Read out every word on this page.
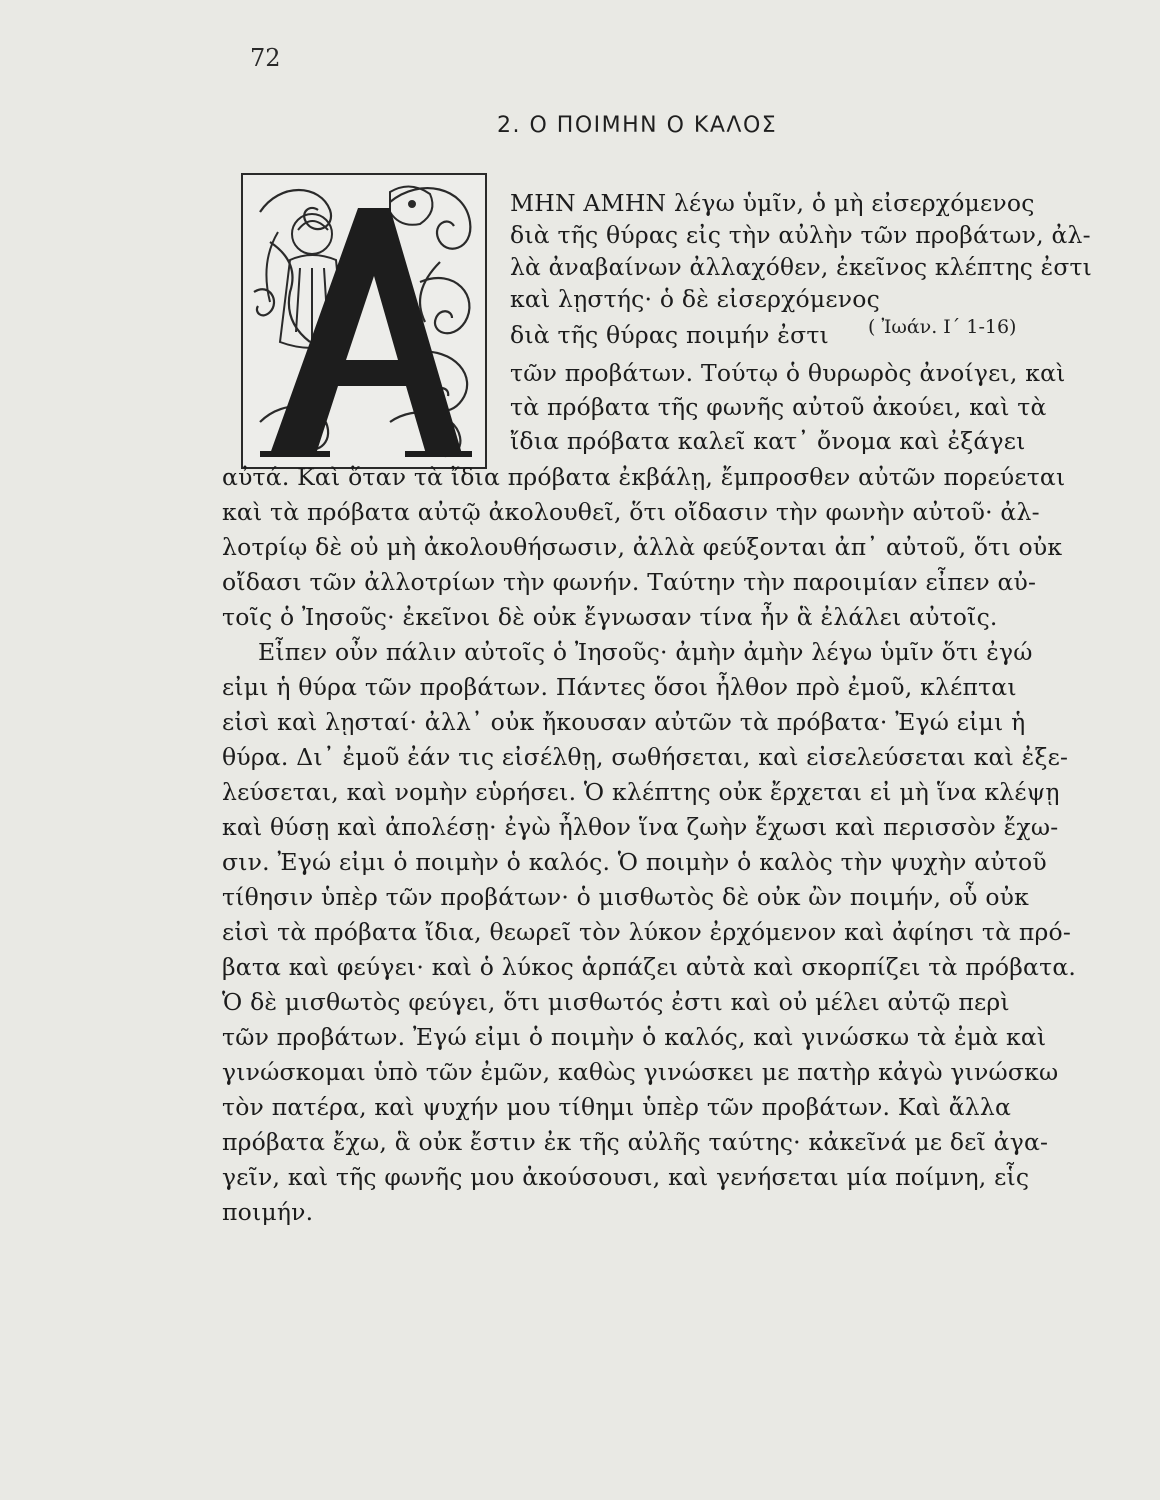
72
2. Ο ΠΟΙΜΗΝ Ο ΚΑΛΟΣ
( Ἰωάν. Ι΄ 1-16)
ΜΗΝ ΑΜΗΝ λέγω ὑμῖν, ὁ μὴ εἰσερχόμενος
διὰ τῆς θύρας εἰς τὴν αὐλὴν τῶν προβάτων, ἀλ-
λὰ ἀναβαίνων ἀλλαχόθεν, ἐκεῖνος κλέπτης ἐστι
καὶ λῃστής· ὁ δὲ εἰσερχόμενος
διὰ τῆς θύρας ποιμήν ἐστι
τῶν προβάτων. Τούτῳ ὁ θυρωρὸς ἀνοίγει, καὶ
τὰ πρόβατα τῆς φωνῆς αὐτοῦ ἀκούει, καὶ τὰ
ἴδια πρόβατα καλεῖ κατ᾿ ὄνομα καὶ ἐξάγει
αὐτά. Καὶ ὅταν τὰ ἴδια πρόβατα ἐκβάλῃ, ἔμπροσθεν αὐτῶν πορεύεται
καὶ τὰ πρόβατα αὐτῷ ἀκολουθεῖ, ὅτι οἴδασιν τὴν φωνὴν αὐτοῦ· ἀλ-
λοτρίῳ δὲ οὐ μὴ ἀκολουθήσωσιν, ἀλλὰ φεύξονται ἀπ᾿ αὐτοῦ, ὅτι οὐκ
οἴδασι τῶν ἀλλοτρίων τὴν φωνήν. Ταύτην τὴν παροιμίαν εἶπεν αὐ-
τοῖς ὁ Ἰησοῦς· ἐκεῖνοι δὲ οὐκ ἔγνωσαν τίνα ἦν ἃ ἐλάλει αὐτοῖς.
Εἶπεν οὖν πάλιν αὐτοῖς ὁ Ἰησοῦς· ἀμὴν ἀμὴν λέγω ὑμῖν ὅτι ἐγώ
εἰμι ἡ θύρα τῶν προβάτων. Πάντες ὅσοι ἦλθον πρὸ ἐμοῦ, κλέπται
εἰσὶ καὶ λῃσταί· ἀλλ᾿ οὐκ ἤκουσαν αὐτῶν τὰ πρόβατα· Ἐγώ εἰμι ἡ
θύρα. Δι᾿ ἐμοῦ ἐάν τις εἰσέλθῃ, σωθήσεται, καὶ εἰσελεύσεται καὶ ἐξε-
λεύσεται, καὶ νομὴν εὑρήσει. Ὁ κλέπτης οὐκ ἔρχεται εἰ μὴ ἵνα κλέψῃ
καὶ θύσῃ καὶ ἀπολέσῃ· ἐγὼ ἦλθον ἵνα ζωὴν ἔχωσι καὶ περισσὸν ἔχω-
σιν. Ἐγώ εἰμι ὁ ποιμὴν ὁ καλός. Ὁ ποιμὴν ὁ καλὸς τὴν ψυχὴν αὐτοῦ
τίθησιν ὑπὲρ τῶν προβάτων· ὁ μισθωτὸς δὲ οὐκ ὢν ποιμήν, οὗ οὐκ
εἰσὶ τὰ πρόβατα ἴδια, θεωρεῖ τὸν λύκον ἐρχόμενον καὶ ἀφίησι τὰ πρό-
βατα καὶ φεύγει· καὶ ὁ λύκος ἁρπάζει αὐτὰ καὶ σκορπίζει τὰ πρόβατα.
Ὁ δὲ μισθωτὸς φεύγει, ὅτι μισθωτός ἐστι καὶ οὐ μέλει αὐτῷ περὶ
τῶν προβάτων. Ἐγώ εἰμι ὁ ποιμὴν ὁ καλός, καὶ γινώσκω τὰ ἐμὰ καὶ
γινώσκομαι ὑπὸ τῶν ἐμῶν, καθὼς γινώσκει με πατὴρ κἀγὼ γινώσκω
τὸν πατέρα, καὶ ψυχήν μου τίθημι ὑπὲρ τῶν προβάτων. Καὶ ἄλλα
πρόβατα ἔχω, ἃ οὐκ ἔστιν ἐκ τῆς αὐλῆς ταύτης· κἀκεῖνά με δεῖ ἀγα-
γεῖν, καὶ τῆς φωνῆς μου ἀκούσουσι, καὶ γενήσεται μία ποίμνη, εἷς
ποιμήν.
